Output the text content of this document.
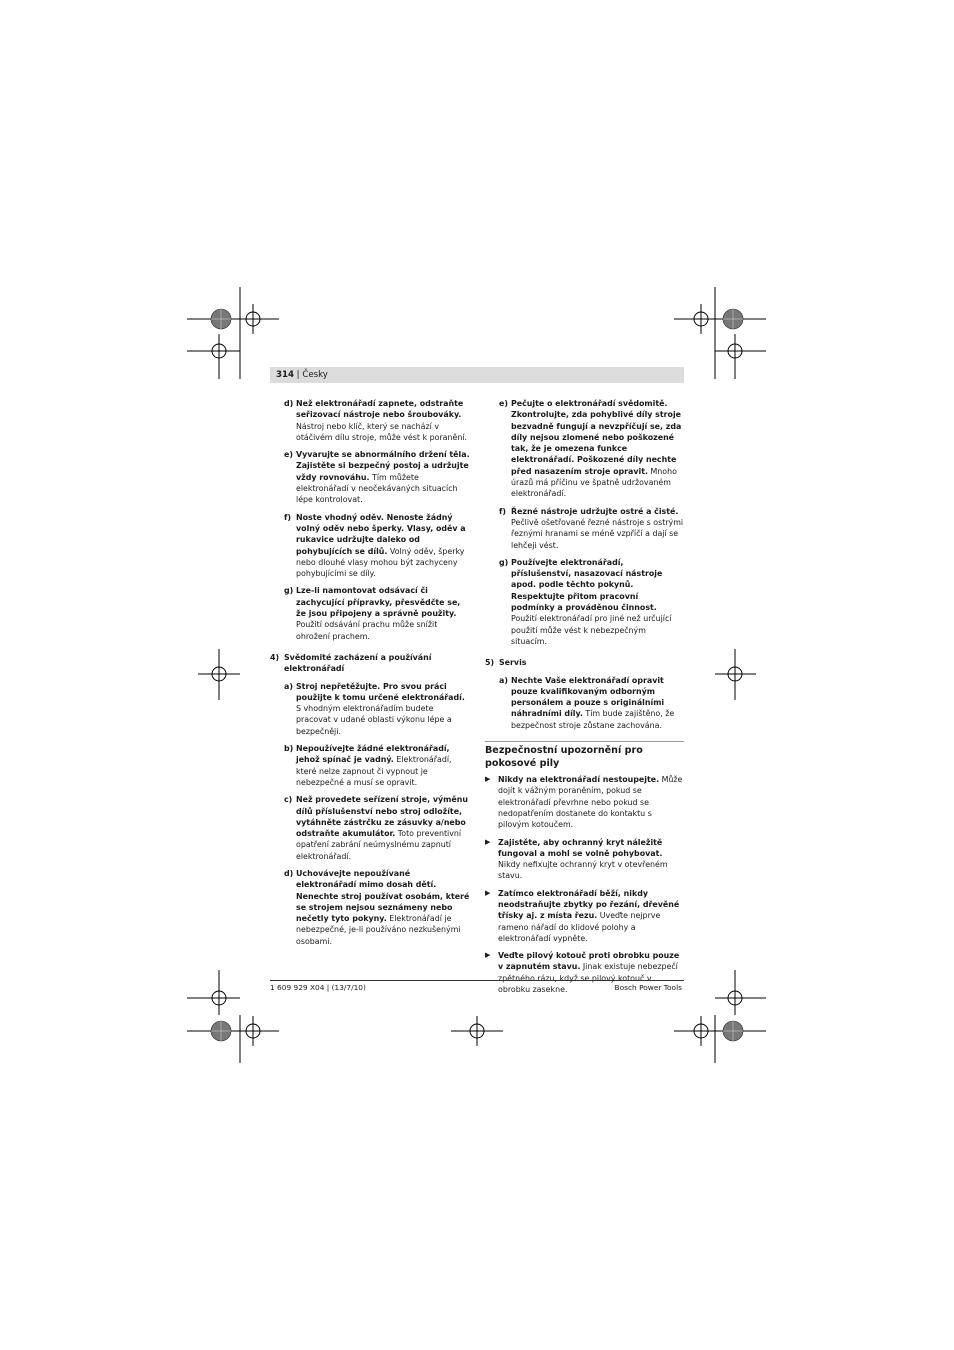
314 | Česky
d) Než elektronářadí zapnete, odstraňte seřizovací nástroje nebo šroubováky. Nástroj nebo klíč, který se nachází v otáčivém dílu stroje, může vést k poranění.
e) Vyvarujte se abnormálního držení těla. Zajistěte si bezpečný postoj a udržujte vždy rovnováhu. Tím můžete elektronářadí v neočekávaných situacích lépe kontrolovat.
f) Noste vhodný oděv. Nenoste žádný volný oděv nebo šperky. Vlasy, oděv a rukavice udržujte daleko od pohybujících se dílů. Volný oděv, šperky nebo dlouhé vlasy mohou být zachyceny pohybujícími se díly.
g) Lze-li namontovat odsávací či zachycující přípravky, přesvědčte se, že jsou připojeny a správně použity. Použití odsávání prachu může snížit ohrožení prachem.
4) Svědomité zacházení a používání elektronářadí
a) Stroj nepřetěžujte. Pro svou práci použijte k tomu určené elektronářadí. S vhodným elektronářadím budete pracovat v udané oblasti výkonu lépe a bezpečněji.
b) Nepoužívejte žádné elektronářadí, jehož spínač je vadný. Elektronářadí, které nelze zapnout či vypnout je nebezpečné a musí se opravit.
c) Než provedete seřízení stroje, výměnu dílů příslušenství nebo stroj odložíte, vytáhněte zástrčku ze zásuvky a/nebo odstraňte akumulátor. Toto preventivní opatření zabrání neúmyslnému zapnutí elektronářadí.
d) Uchovávejte nepoužívané elektronářadí mimo dosah dětí. Nenechte stroj používat osobám, které se strojem nejsou seznámeny nebo nečetly tyto pokyny. Elektronářadí je nebezpečné, je-li používáno nezkušenými osobami.
e) Pečujte o elektronářadí svědomitě. Zkontrolujte, zda pohyblivé díly stroje bezvadně fungují a nevzpříčují se, zda díly nejsou zlomené nebo poškozené tak, že je omezena funkce elektronářadí. Poškozené díly nechte před nasazením stroje opravit. Mnoho úrazů má příčinu ve špatně udržovaném elektronářadí.
f) Řezné nástroje udržujte ostré a čisté. Pečlivě ošetřované řezné nástroje s ostrými řeznými hranami se méně vzpříčí a dají se lehčeji vést.
g) Používejte elektronářadí, příslušenství, nasazovací nástroje apod. podle těchto pokynů. Respektujte přitom pracovní podmínky a prováděnou činnost. Použití elektronářadí pro jiné než určující použití může vést k nebezpečným situacím.
5) Servis
a) Nechte Vaše elektronářadí opravit pouze kvalifikovaným odborným personálem a pouze s originálními náhradními díly. Tím bude zajištěno, že bezpečnost stroje zůstane zachována.
Bezpečnostní upozornění pro pokosové pily
▶ Nikdy na elektronářadí nestoupejte. Může dojít k vážným poraněním, pokud se elektronářadí převrhne nebo pokud se nedopatřením dostanete do kontaktu s pilovým kotoučem.
▶ Zajistěte, aby ochranný kryt náležitě fungoval a mohl se volně pohybovat. Nikdy nefixujte ochranný kryt v otevřeném stavu.
▶ Zatímco elektronářadí běží, nikdy neodstraňujte zbytky po řezání, dřevěné třísky aj. z místa řezu. Uveďte nejprve rameno nářadí do klidové polohy a elektronářadí vypněte.
▶ Veďte pilový kotouč proti obrobku pouze v zapnutém stavu. Jinak existuje nebezpečí zpětného rázu, když se pilový kotouč v obrobku zasekne.
1 609 929 X04 | (13/7/10)	Bosch Power Tools
